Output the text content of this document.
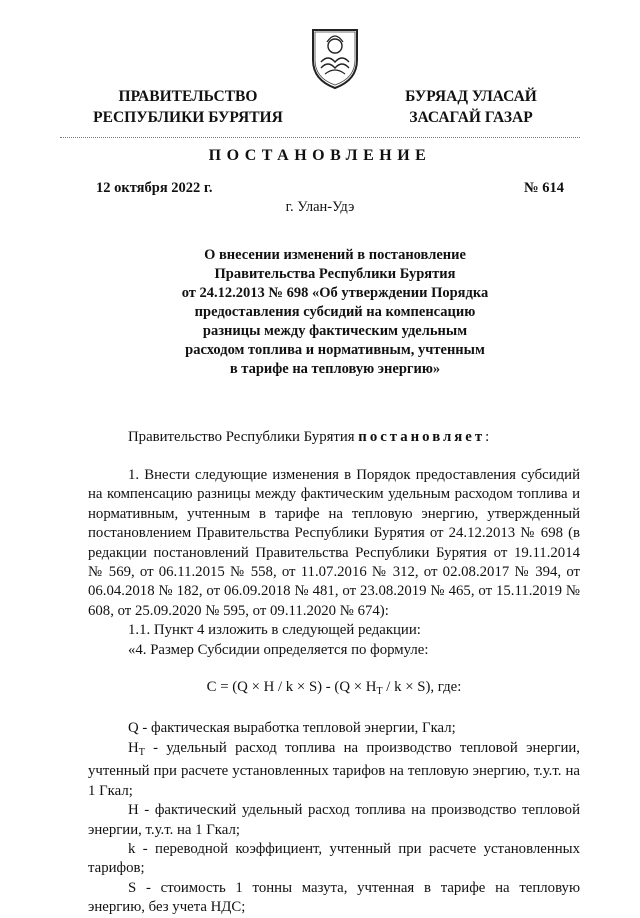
ПРАВИТЕЛЬСТВО
РЕСПУБЛИКИ БУРЯТИЯ
БУРЯАД УЛАСАЙ
ЗАСАГАЙ ГАЗАР
ПОСТАНОВЛЕНИЕ
12 октября 2022 г.	№ 614
г. Улан-Удэ
О внесении изменений в постановление
Правительства Республики Бурятия
от 24.12.2013 № 698 «Об утверждении Порядка
предоставления субсидий на компенсацию
разницы между фактическим удельным
расходом топлива и нормативным, учтенным
в тарифе на тепловую энергию»

Правительство Республики Бурятия постановляет:

1. Внести следующие изменения в Порядок предоставления субсидий на компенсацию разницы между фактическим удельным расходом топлива и нормативным, учтенным в тарифе на тепловую энергию, утвержденный постановлением Правительства Республики Бурятия от 24.12.2013 № 698 (в редакции постановлений Правительства Республики Бурятия от 19.11.2014 № 569, от 06.11.2015 № 558, от 11.07.2016 № 312, от 02.08.2017 № 394, от 06.04.2018 № 182, от 06.09.2018 № 481, от 23.08.2019 № 465, от 15.11.2019 № 608, от 25.09.2020 № 595, от 09.11.2020 № 674):

1.1. Пункт 4 изложить в следующей редакции:

«4. Размер Субсидии определяется по формуле:

$C = (Q \times H / k \times S) - (Q \times H_T / k \times S)$, где:

Q - фактическая выработка тепловой энергии, Гкал;

$H_T$ - удельный расход топлива на производство тепловой энергии, учтенный при расчете установленных тарифов на тепловую энергию, т.у.т. на 1 Гкал;

H - фактический удельный расход топлива на производство тепловой энергии, т.у.т. на 1 Гкал;

k - переводной коэффициент, учтенный при расчете установленных тарифов;

S - стоимость 1 тонны мазута, учтенная в тарифе на тепловую энергию, без учета НДС;
